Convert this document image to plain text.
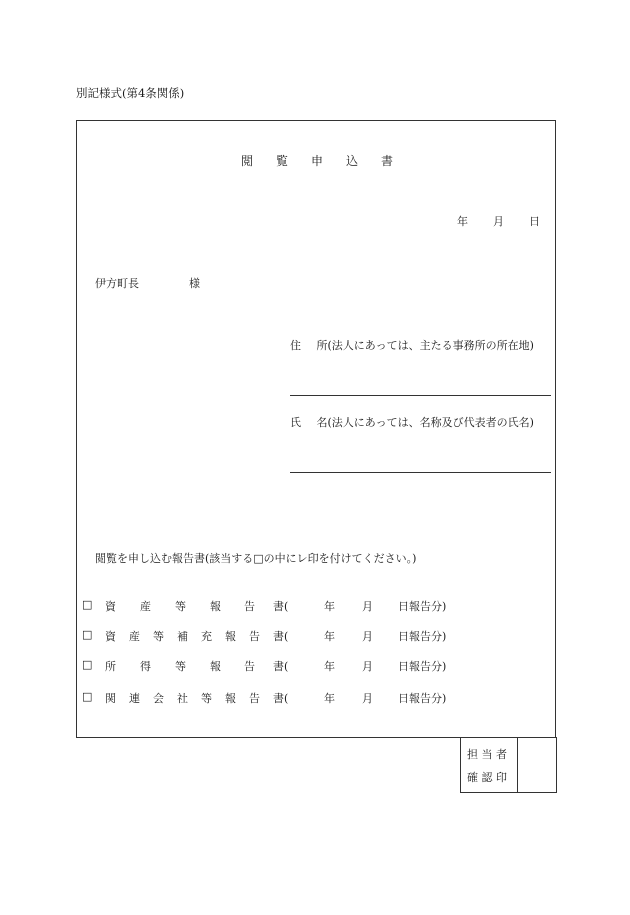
別記様式(第4条関係)
閲 覧 申 込 書
年 月 日
伊方町長	様
住 所(法人にあっては、主たる事務所の所在地)
氏 名(法人にあっては、名称及び代表者の氏名)
閲覧を申し込む報告書(該当する□の中にレ印を付けてください。)
□ 資 産 等 報 告 書(	年 月 日報告分)
□ 資 産 等 補 充 報 告 書(	年 月 日報告分)
□ 所 得 等 報 告 書(	年 月 日報告分)
□ 関 連 会 社 等 報 告 書(	年 月 日報告分)
担 当 者
確 認 印
